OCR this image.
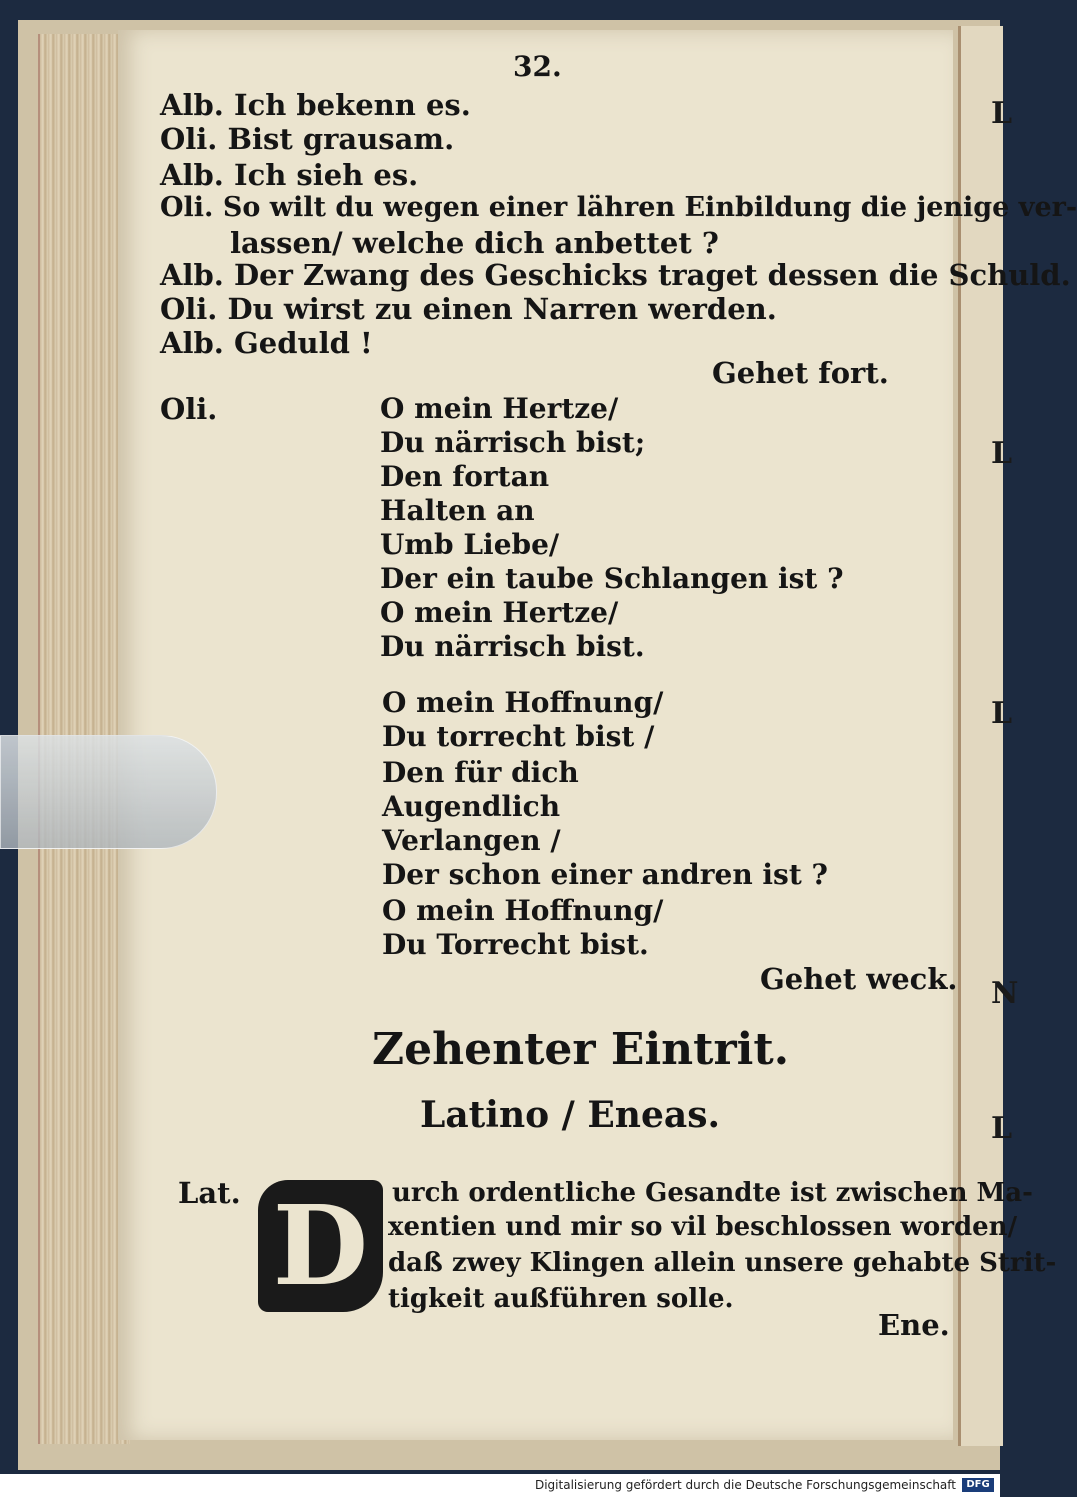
L
L
L
N
L
32.
Alb. Ich bekenn es.
Oli. Bist grausam.
Alb. Ich sieh es.
Oli. So wilt du wegen einer lähren Einbildung die jenige ver-
lassen/ welche dich anbettet ?
Alb. Der Zwang des Geschicks traget dessen die Schuld.
Oli. Du wirst zu einen Narren werden.
Alb. Geduld !
Gehet fort.
Oli.	O mein Hertze/
Du närrisch bist;
Den fortan
Halten an
Umb Liebe/
Der ein taube Schlangen ist ?
O mein Hertze/
Du närrisch bist.
O mein Hoffnung/
Du torrecht bist /
Den für dich
Augendlich
Verlangen /
Der schon einer andren ist ?
O mein Hoffnung/
Du Torrecht bist.
Gehet weck.
Zehenter Eintrit.
Latino / Eneas.
Lat. D urch ordentliche Gesandte ist zwischen Ma-
xentien und mir so vil beschlossen worden/
daß zwey Klingen allein unsere gehabte Strit-
tigkeit außführen solle.
Ene.
Digitalisierung gefördert durch die Deutsche Forschungsgemeinschaft	DFG
